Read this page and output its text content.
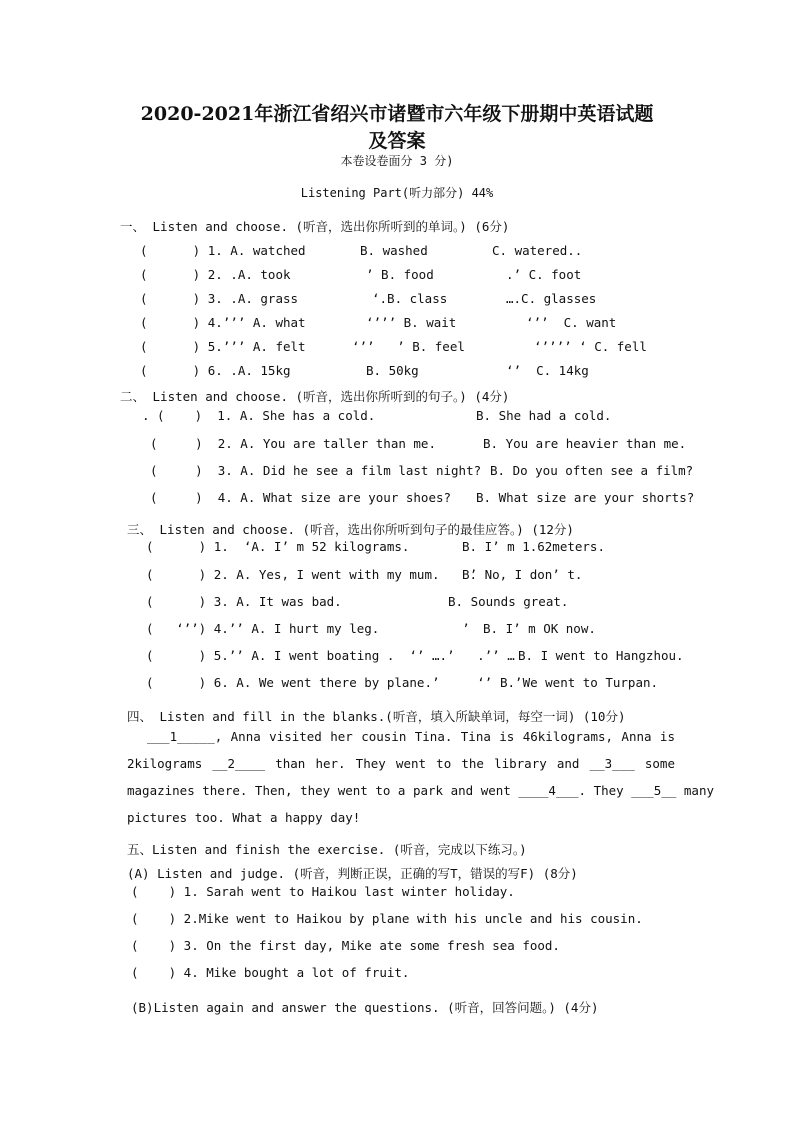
2020-2021年浙江省绍兴市诸暨市六年级下册期中英语试题
及答案
本卷设卷面分 3 分)
Listening Part(听力部分) 44%
一、 Listen and choose. (听音，选出你所听到的单词。) (6分)
(      ) 1. A. watched	B. washed	C. watered..
(      ) 2. .A. took	’ B. food	.’ C. foot
(      ) 3. .A. grass	‘.B. class	….C. glasses
(      ) 4.’’’ A. what	‘’’’ B. wait	‘’’  C. want
(      ) 5.’’’ A. felt	‘’’   ’ B. feel	‘’’’’ ‘ C. fell
(      ) 6. .A. 15kg	B. 50kg	‘’  C. 14kg
二、 Listen and choose. (听音，选出你所听到的句子。) (4分)
. (    )  1. A. She has a cold.	B. She had a cold.
(     )  2. A. You are taller than me.	B. You are heavier than me.
(     )  3. A. Did he see a film last night? B. Do you often see a film?
(     )  4. A. What size are your shoes? B. What size are your shorts?
三、 Listen and choose. (听音，选出你所听到句子的最佳应答。) (12分)
(      ) 1.  ‘A. I’ m 52 kilograms.	B. I’ m 1.62meters.
(      ) 2. A. Yes, I went with my mum.    ’
B. No, I don’ t.
(      ) 3. A. It was bad.	B. Sounds great.
(   ‘’’) 4.’’ A. I hurt my leg.           ’ B. I’ m OK now.
(      ) 5.’’ A. I went boating .  ‘’ ….’   .’’ … B. I went to Hangzhou.
(      ) 6. A. We went there by plane.’     ‘’   ’
B. We went to Turpan.
四、 Listen and fill in the blanks.(听音，填入所缺单词，每空一词) (10分)
___1_____, Anna visited her cousin Tina. Tina is 46kilograms, Anna is
2kilograms __2____ than her. They went to the library and __3___ some
magazines there. Then, they went to a park and went ____4___. They ___5__ many
pictures too. What a happy day!
五、Listen and finish the exercise. (听音，完成以下练习。)
(A) Listen and judge. (听音，判断正误，正确的写T，错误的写F) (8分)
(    ) 1. Sarah went to Haikou last winter holiday.
(    ) 2.Mike went to Haikou by plane with his uncle and his cousin.
(    ) 3. On the first day, Mike ate some fresh sea food.
(    ) 4. Mike bought a lot of fruit.
(B)Listen again and answer the questions. (听音，回答问题。) (4分)
